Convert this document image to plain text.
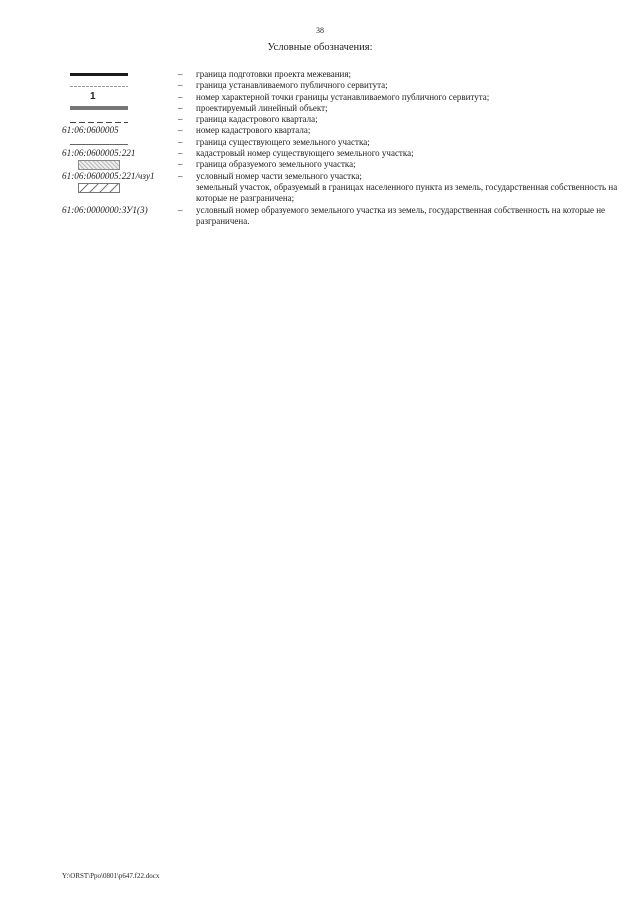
38
Условные обозначения:
–	граница подготовки проекта межевания;
–	граница устанавливаемого публичного сервитута;
1	–	номер характерной точки границы устанавливаемого публичного сервитута;
–	проектируемый линейный объект;
–	граница кадастрового квартала;
61:06:0600005	–	номер кадастрового квартала;
–	граница существующего земельного участка;
61:06:0600005:221	–	кадастровый номер существующего земельного участка;
–	граница образуемого земельного участка;
61:06:0600005:221/чзу1	–	условный номер части земельного участка;
земельный участок, образуемый в границах населенного пункта из земель, государственная собственность на которые не разграничена;
61:06:0000000:ЗУ1(3)	–	условный номер образуемого земельного участка из земель, государственная собственность на которые не разграничена.
Y:\ORST\Ppo\0801\p647.f22.docx
